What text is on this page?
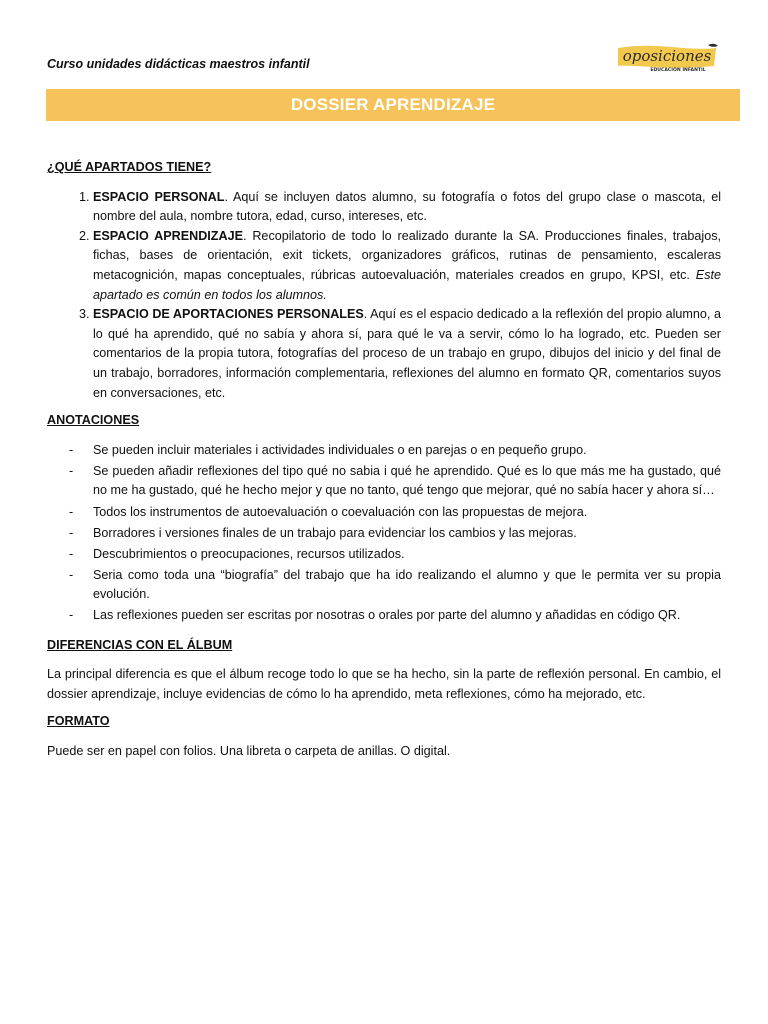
Curso unidades didácticas maestros infantil	oposiciones
EDUCACIÓN INFANTIL
DOSSIER APRENDIZAJE

¿QUÉ APARTADOS TIENE?

1. ESPACIO PERSONAL. Aquí se incluyen datos alumno, su fotografía o fotos del grupo clase o mascota, el nombre del aula, nombre tutora, edad, curso, intereses, etc.
2. ESPACIO APRENDIZAJE. Recopilatorio de todo lo realizado durante la SA. Producciones finales, trabajos, fichas, bases de orientación, exit tickets, organizadores gráficos, rutinas de pensamiento, escaleras metacognición, mapas conceptuales, rúbricas autoevaluación, materiales creados en grupo, KPSI, etc. Este apartado es común en todos los alumnos.
3. ESPACIO DE APORTACIONES PERSONALES. Aquí es el espacio dedicado a la reflexión del propio alumno, a lo qué ha aprendido, qué no sabía y ahora sí, para qué le va a servir, cómo lo ha logrado, etc. Pueden ser comentarios de la propia tutora, fotografías del proceso de un trabajo en grupo, dibujos del inicio y del final de un trabajo, borradores, información complementaria, reflexiones del alumno en formato QR, comentarios suyos en conversaciones, etc.

ANOTACIONES

- Se pueden incluir materiales i actividades individuales o en parejas o en pequeño grupo.
- Se pueden añadir reflexiones del tipo qué no sabia i qué he aprendido. Qué es lo que más me ha gustado, qué no me ha gustado, qué he hecho mejor y que no tanto, qué tengo que mejorar, qué no sabía hacer y ahora sí…
- Todos los instrumentos de autoevaluación o coevaluación con las propuestas de mejora.
- Borradores i versiones finales de un trabajo para evidenciar los cambios y las mejoras.
- Descubrimientos o preocupaciones, recursos utilizados.
- Seria como toda una “biografía” del trabajo que ha ido realizando el alumno y que le permita ver su propia evolución.
- Las reflexiones pueden ser escritas por nosotras o orales por parte del alumno y añadidas en código QR.

DIFERENCIAS CON EL ÁLBUM

La principal diferencia es que el álbum recoge todo lo que se ha hecho, sin la parte de reflexión personal. En cambio, el dossier aprendizaje, incluye evidencias de cómo lo ha aprendido, meta reflexiones, cómo ha mejorado, etc.

FORMATO

Puede ser en papel con folios. Una libreta o carpeta de anillas. O digital.
